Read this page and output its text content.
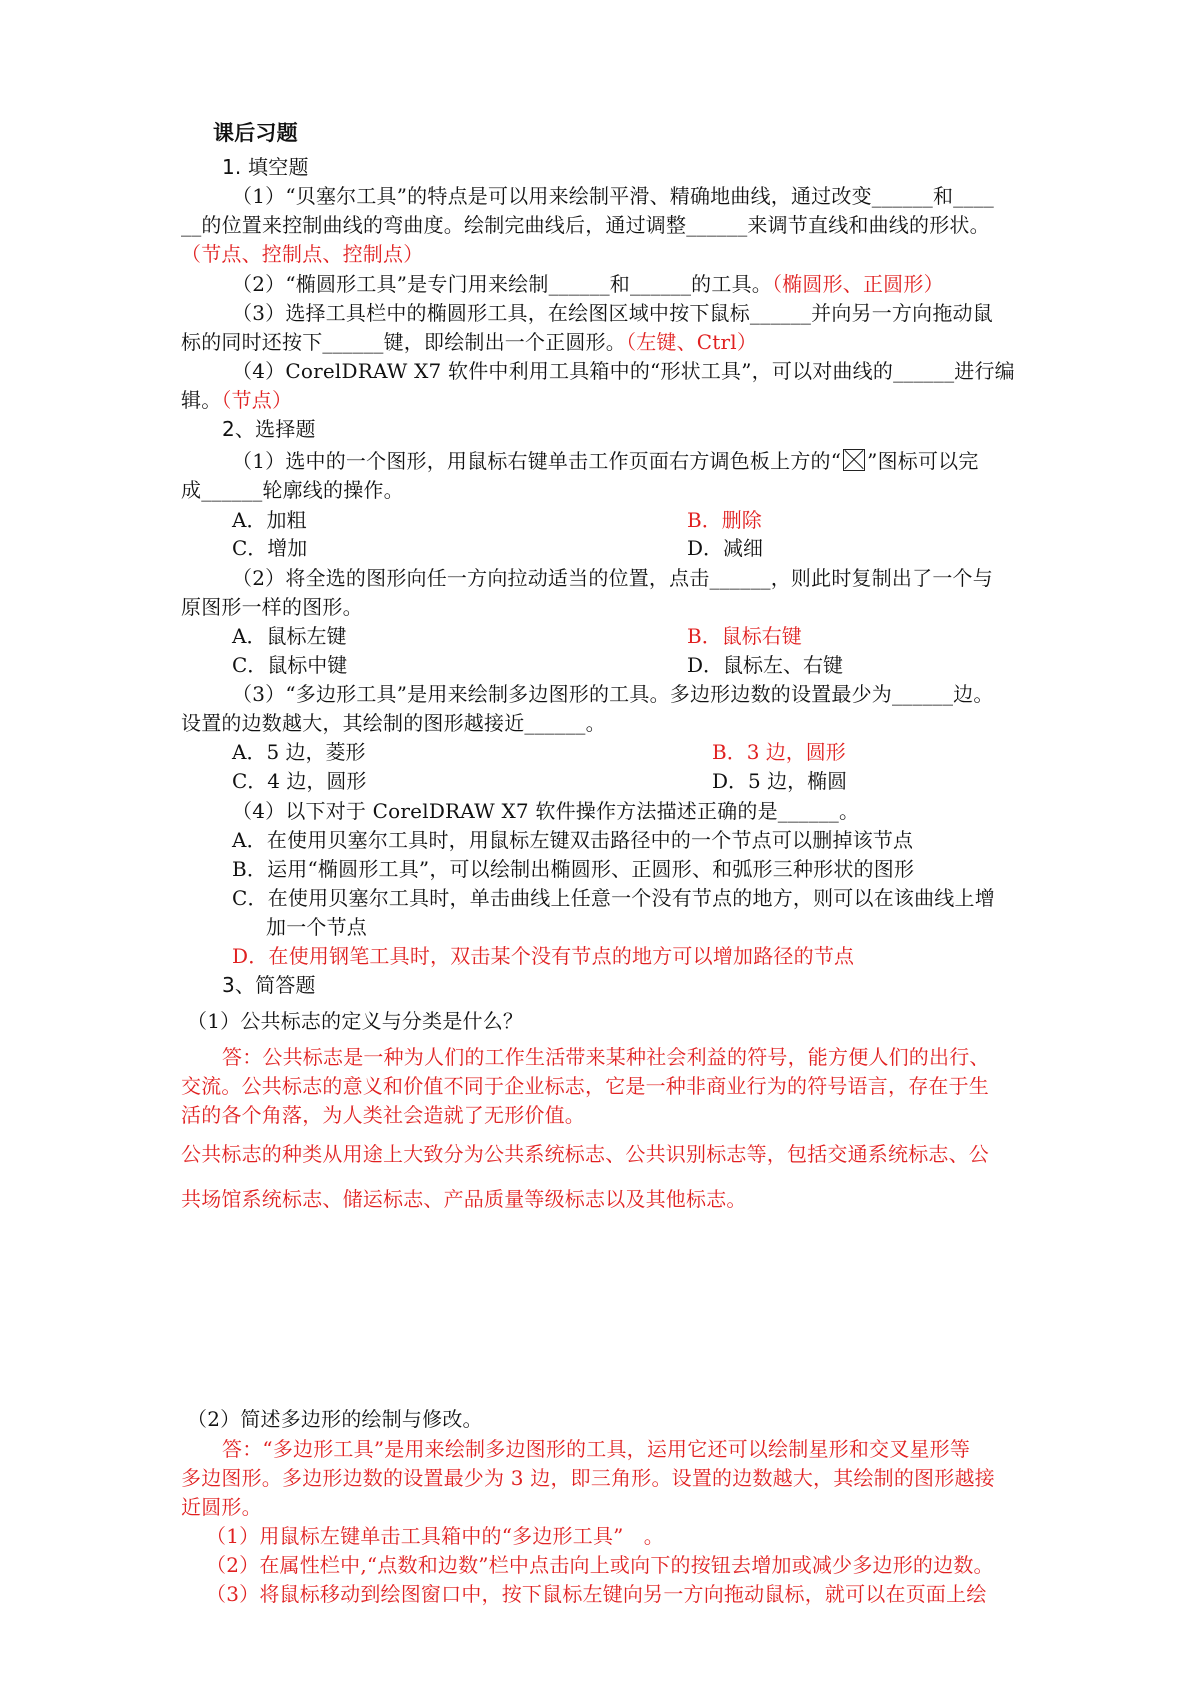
课后习题
1. 填空题
（1）“贝塞尔工具”的特点是可以用来绘制平滑、精确地曲线，通过改变______和____
__的位置来控制曲线的弯曲度。绘制完曲线后，通过调整______来调节直线和曲线的形状。
（节点、控制点、控制点）
（2）“椭圆形工具”是专门用来绘制______和______的工具。（椭圆形、正圆形）
（3）选择工具栏中的椭圆形工具，在绘图区域中按下鼠标______并向另一方向拖动鼠
标的同时还按下______键，即绘制出一个正圆形。（左键、Ctrl）
（4）CorelDRAW X7 软件中利用工具箱中的“形状工具”，可以对曲线的______进行编
辑。（节点）
2、选择题
（1）选中的一个图形，用鼠标右键单击工作页面右方调色板上方的“ ”图标可以完
成______轮廓线的操作。
A．加粗	B．删除
C．增加	D．减细
（2）将全选的图形向任一方向拉动适当的位置，点击______，则此时复制出了一个与
原图形一样的图形。
A．鼠标左键	B．鼠标右键
C．鼠标中键	D．鼠标左、右键
（3）“多边形工具”是用来绘制多边图形的工具。多边形边数的设置最少为______边。
设置的边数越大，其绘制的图形越接近______。
A．5 边，菱形	B．3 边，圆形
C．4 边，圆形	D．5 边，椭圆
（4）以下对于 CorelDRAW X7 软件操作方法描述正确的是______。
A．在使用贝塞尔工具时，用鼠标左键双击路径中的一个节点可以删掉该节点
B．运用“椭圆形工具”，可以绘制出椭圆形、正圆形、和弧形三种形状的图形
C．在使用贝塞尔工具时，单击曲线上任意一个没有节点的地方，则可以在该曲线上增
加一个节点
D．在使用钢笔工具时，双击某个没有节点的地方可以增加路径的节点
3、简答题
（1）公共标志的定义与分类是什么？
答：公共标志是一种为人们的工作生活带来某种社会利益的符号，能方便人们的出行、
交流。公共标志的意义和价值不同于企业标志，它是一种非商业行为的符号语言，存在于生
活的各个角落，为人类社会造就了无形价值。
公共标志的种类从用途上大致分为公共系统标志、公共识别标志等，包括交通系统标志、公
共场馆系统标志、储运标志、产品质量等级标志以及其他标志。
（2）简述多边形的绘制与修改。
答：“多边形工具”是用来绘制多边图形的工具，运用它还可以绘制星形和交叉星形等
多边图形。多边形边数的设置最少为 3 边，即三角形。设置的边数越大，其绘制的图形越接
近圆形。
（1）用鼠标左键单击工具箱中的“多边形工具”　。
（2）在属性栏中,“点数和边数”栏中点击向上或向下的按钮去增加或减少多边形的边数。
（3）将鼠标移动到绘图窗口中，按下鼠标左键向另一方向拖动鼠标，就可以在页面上绘
